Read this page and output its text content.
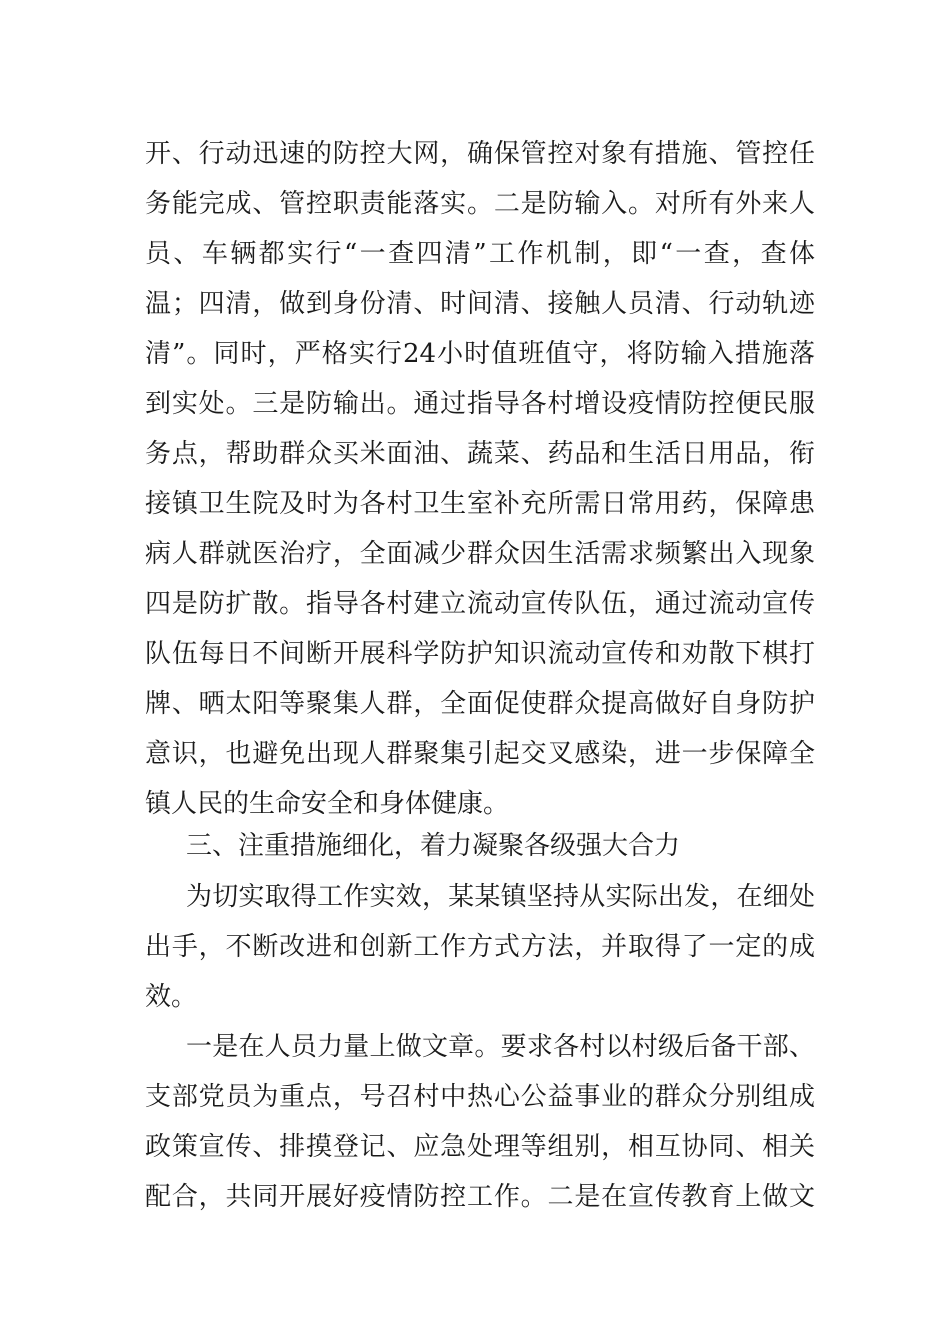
开、行动迅速的防控大网，确保管控对象有措施、管控任
务能完成、管控职责能落实。二是防输入。对所有外来人
员、车辆都实行“一查四清”工作机制，即“一查，查体
温；四清，做到身份清、时间清、接触人员清、行动轨迹
清”。同时，严格实行24小时值班值守，将防输入措施落
到实处。三是防输出。通过指导各村增设疫情防控便民服
务点，帮助群众买米面油、蔬菜、药品和生活日用品，衔
接镇卫生院及时为各村卫生室补充所需日常用药，保障患
病人群就医治疗，全面减少群众因生活需求频繁出入现象
四是防扩散。指导各村建立流动宣传队伍，通过流动宣传
队伍每日不间断开展科学防护知识流动宣传和劝散下棋打
牌、晒太阳等聚集人群，全面促使群众提高做好自身防护
意识，也避免出现人群聚集引起交叉感染，进一步保障全
镇人民的生命安全和身体健康。
三、注重措施细化，着力凝聚各级强大合力
为切实取得工作实效，某某镇坚持从实际出发，在细处
出手，不断改进和创新工作方式方法，并取得了一定的成
效。
一是在人员力量上做文章。要求各村以村级后备干部、
支部党员为重点，号召村中热心公益事业的群众分别组成
政策宣传、排摸登记、应急处理等组别，相互协同、相关
配合，共同开展好疫情防控工作。二是在宣传教育上做文
